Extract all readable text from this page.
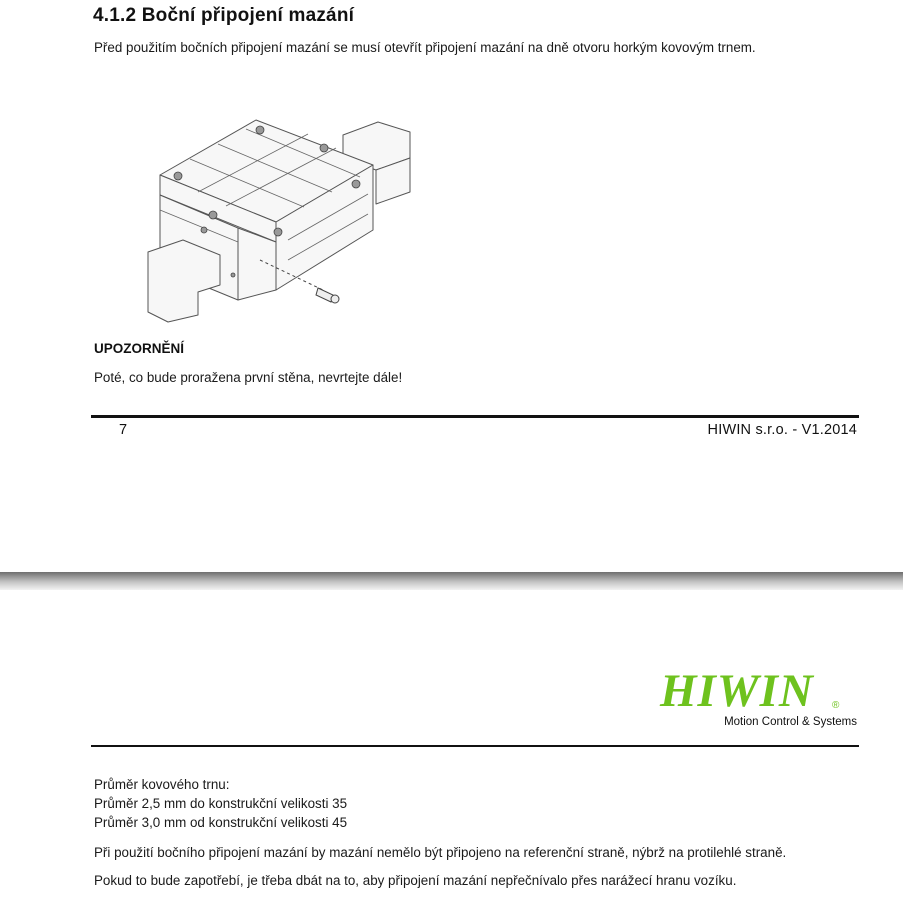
4.1.2 Boční připojení mazání
Před použitím bočních připojení mazání se musí otevřít připojení mazání na dně otvoru horkým kovovým trnem.
UPOZORNĚNÍ
Poté, co bude proražena první stěna, nevrtejte dále!
7	HIWIN s.r.o. - V1.2014
HIWIN ®
Motion Control & Systems
Průměr kovového trnu:
Průměr 2,5 mm do konstrukční velikosti 35
Průměr 3,0 mm od konstrukční velikosti 45
Při použití bočního připojení mazání by mazání nemělo být připojeno na referenční straně, nýbrž na protilehlé straně.
Pokud to bude zapotřebí, je třeba dbát na to, aby připojení mazání nepřečnívalo přes narážecí hranu vozíku.
